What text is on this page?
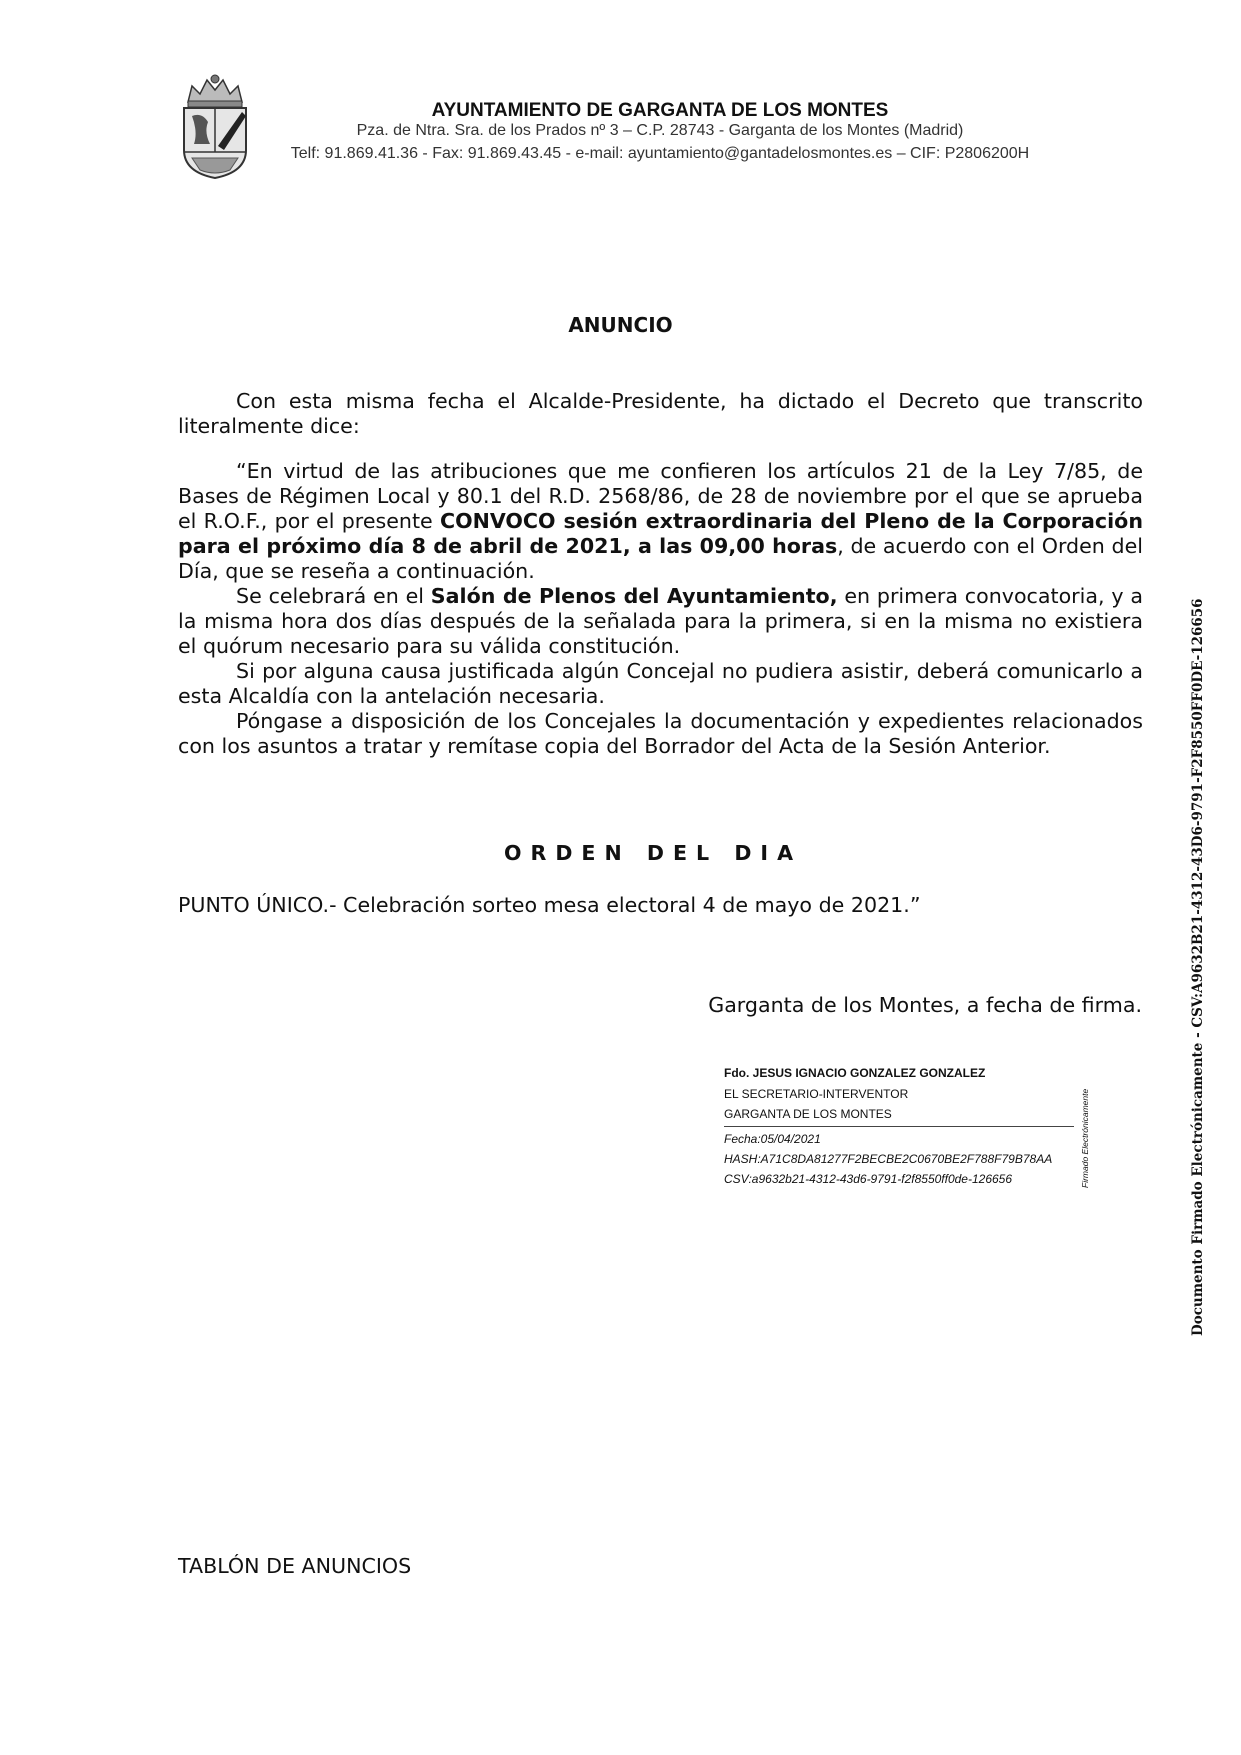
AYUNTAMIENTO DE GARGANTA DE LOS MONTES
Pza. de Ntra. Sra. de los Prados nº 3 – C.P. 28743 - Garganta de los Montes (Madrid)
Telf: 91.869.41.36 - Fax: 91.869.43.45 - e-mail: ayuntamiento@gantadelosmontes.es – CIF: P2806200H
ANUNCIO

Con esta misma fecha el Alcalde-Presidente, ha dictado el Decreto que transcrito literalmente dice:

“En virtud de las atribuciones que me confieren los artículos 21 de la Ley 7/85, de Bases de Régimen Local y 80.1 del R.D. 2568/86, de 28 de noviembre por el que se aprueba el R.O.F., por el presente CONVOCO sesión extraordinaria del Pleno de la Corporación para el próximo día 8 de abril de 2021, a las 09,00 horas, de acuerdo con el Orden del Día, que se reseña a continuación.

Se celebrará en el Salón de Plenos del Ayuntamiento, en primera convocatoria, y a la misma hora dos días después de la señalada para la primera, si en la misma no existiera el quórum necesario para su válida constitución.

Si por alguna causa justificada algún Concejal no pudiera asistir, deberá comunicarlo a esta Alcaldía con la antelación necesaria.

Póngase a disposición de los Concejales la documentación y expedientes relacionados con los asuntos a tratar y remítase copia del Borrador del Acta de la Sesión Anterior.

ORDEN DEL DIA
PUNTO ÚNICO.- Celebración sorteo mesa electoral 4 de mayo de 2021.”
Garganta de los Montes, a fecha de firma.
Fdo. JESUS IGNACIO GONZALEZ GONZALEZ
EL SECRETARIO-INTERVENTOR
GARGANTA DE LOS MONTES
Fecha:05/04/2021
HASH:A71C8DA81277F2BECBE2C0670BE2F788F79B78AA
CSV:a9632b21-4312-43d6-9791-f2f8550ff0de-126656	Firmado Electrónicamente	Documento Firmado Electrónicamente - CSV:A9632B21-4312-43D6-9791-F2F8550FF0DE-126656
TABLÓN DE ANUNCIOS
